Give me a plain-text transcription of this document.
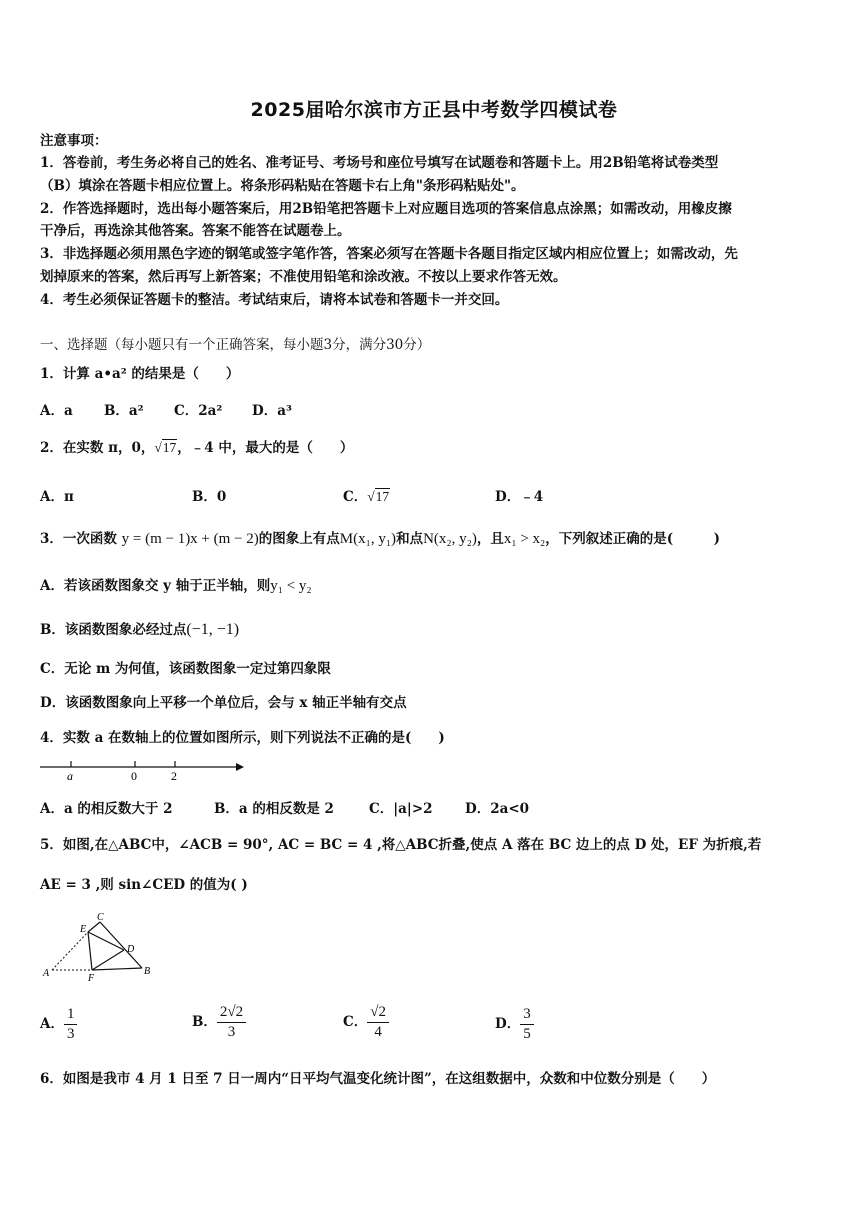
2025届哈尔滨市方正县中考数学四模试卷
注意事项：
1．答卷前，考生务必将自己的姓名、准考证号、考场号和座位号填写在试题卷和答题卡上。用2B铅笔将试卷类型
（B）填涂在答题卡相应位置上。将条形码粘贴在答题卡右上角"条形码粘贴处"。
2．作答选择题时，选出每小题答案后，用2B铅笔把答题卡上对应题目选项的答案信息点涂黑；如需改动，用橡皮擦
干净后，再选涂其他答案。答案不能答在试题卷上。
3．非选择题必须用黑色字迹的钢笔或签字笔作答，答案必须写在答题卡各题目指定区域内相应位置上；如需改动，先
划掉原来的答案，然后再写上新答案；不准使用铅笔和涂改液。不按以上要求作答无效。
4．考生必须保证答题卡的整洁。考试结束后，请将本试卷和答题卡一并交回。
一、选择题（每小题只有一个正确答案，每小题3分，满分30分）
1．计算 a•a² 的结果是（　　）
A．a B．a² C．2a² D．a³
2．在实数 π，0，√17，﹣4 中，最大的是（　　）
A．π	B．0	C．√17	D．﹣4
3．一次函数 y = (m − 1)x + (m − 2)的图象上有点M(x₁, y₁)和点N(x₂, y₂)，且x₁ > x₂，下列叙述正确的是(　　　)
A．若该函数图象交 y 轴于正半轴，则y₁ < y₂
B．该函数图象必经过点(−1, −1)
C．无论 m 为何值，该函数图象一定过第四象限
D．该函数图象向上平移一个单位后，会与 x 轴正半轴有交点
4．实数 a 在数轴上的位置如图所示，则下列说法不正确的是(　　)
a	0	2
A．a 的相反数大于 2	B．a 的相反数是 2	C．|a|>2 D．2a<0
5．如图,在△ABC中，∠ACB = 90°, AC = BC = 4 ,将△ABC折叠,使点 A 落在 BC 边上的点 D 处，EF 为折痕,若
AE = 3 ,则 sin∠CED 的值为( )
C
E
D
A	F
B
A． $\frac{1}{3}$	B． $\frac{2√2}{3}$	C． $\frac{√2}{4}$	D． $\frac{3}{5}$
6．如图是我市 4 月 1 日至 7 日一周内“日平均气温变化统计图”，在这组数据中，众数和中位数分别是（　　）
